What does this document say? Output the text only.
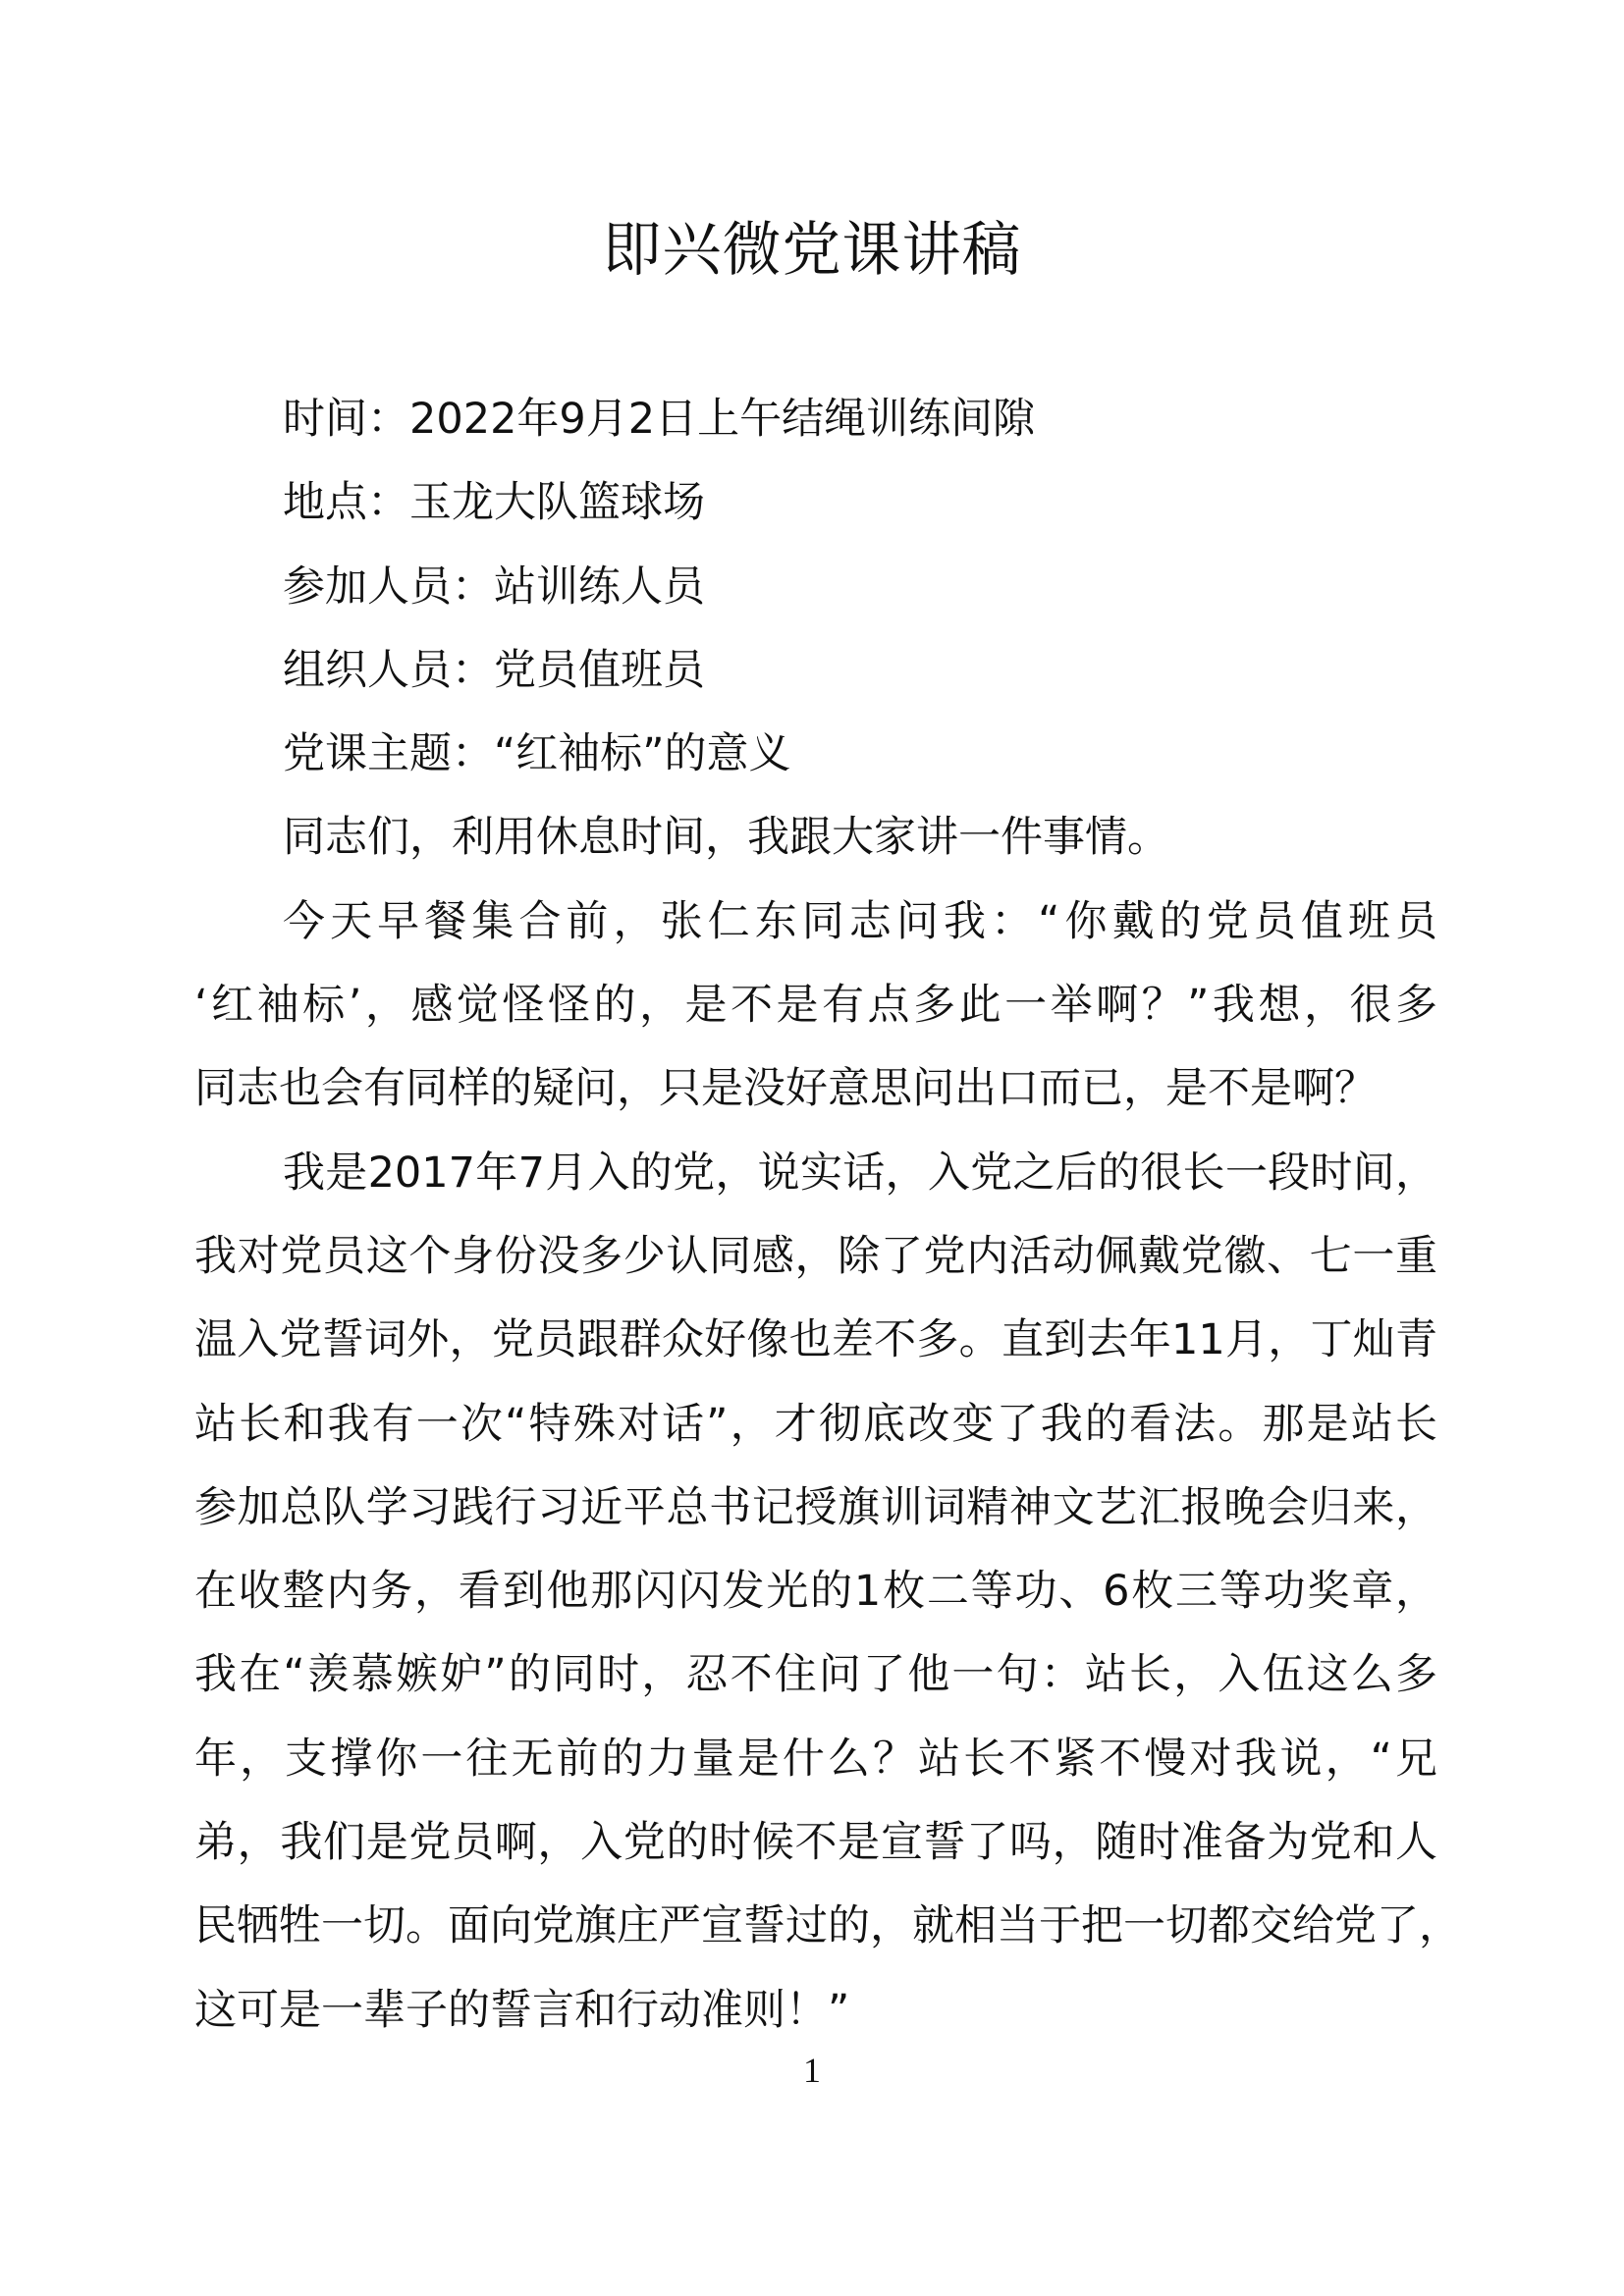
即兴微党课讲稿
时间：2022年9月2日上午结绳训练间隙
地点：玉龙大队篮球场
参加人员：站训练人员
组织人员：党员值班员
党课主题：“红袖标”的意义
同志们，利用休息时间，我跟大家讲一件事情。
今天早餐集合前，张仁东同志问我：“你戴的党员值班员
‘红袖标’，感觉怪怪的，是不是有点多此一举啊？”我想，很多
同志也会有同样的疑问，只是没好意思问出口而已，是不是啊？
我是2017年7月入的党，说实话，入党之后的很长一段时间，
我对党员这个身份没多少认同感，除了党内活动佩戴党徽、七一重
温入党誓词外，党员跟群众好像也差不多。直到去年11月，丁灿青
站长和我有一次“特殊对话”，才彻底改变了我的看法。那是站长
参加总队学习践行习近平总书记授旗训词精神文艺汇报晚会归来，
在收整内务，看到他那闪闪发光的1枚二等功、6枚三等功奖章，
我在“羡慕嫉妒”的同时，忍不住问了他一句：站长，入伍这么多
年，支撑你一往无前的力量是什么？站长不紧不慢对我说，“兄
弟，我们是党员啊，入党的时候不是宣誓了吗，随时准备为党和人
民牺牲一切。面向党旗庄严宣誓过的，就相当于把一切都交给党了，
这可是一辈子的誓言和行动准则！”
1
